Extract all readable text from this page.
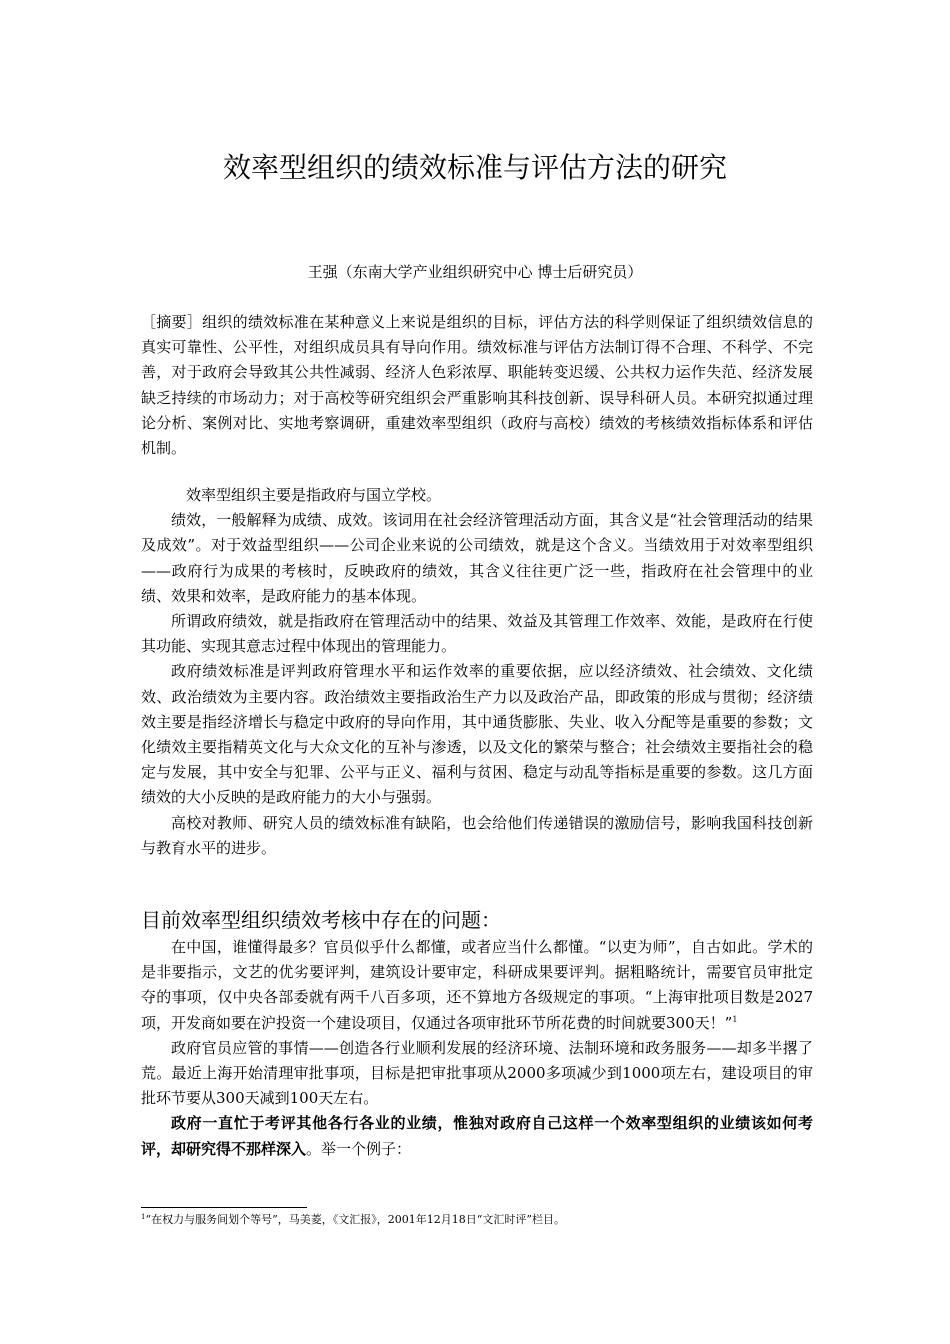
效率型组织的绩效标准与评估方法的研究
王强（东南大学产业组织研究中心 博士后研究员）

［摘要］组织的绩效标准在某种意义上来说是组织的目标，评估方法的科学则保证了组织绩效信息的真实可靠性、公平性，对组织成员具有导向作用。绩效标准与评估方法制订得不合理、不科学、不完善，对于政府会导致其公共性减弱、经济人色彩浓厚、职能转变迟缓、公共权力运作失范、经济发展缺乏持续的市场动力；对于高校等研究组织会严重影响其科技创新、误导科研人员。本研究拟通过理论分析、案例对比、实地考察调研，重建效率型组织（政府与高校）绩效的考核绩效指标体系和评估机制。

效率型组织主要是指政府与国立学校。

绩效，一般解释为成绩、成效。该词用在社会经济管理活动方面，其含义是“社会管理活动的结果及成效”。对于效益型组织——公司企业来说的公司绩效，就是这个含义。当绩效用于对效率型组织——政府行为成果的考核时，反映政府的绩效，其含义往往更广泛一些，指政府在社会管理中的业绩、效果和效率，是政府能力的基本体现。

所谓政府绩效，就是指政府在管理活动中的结果、效益及其管理工作效率、效能，是政府在行使其功能、实现其意志过程中体现出的管理能力。

政府绩效标准是评判政府管理水平和运作效率的重要依据，应以经济绩效、社会绩效、文化绩效、政治绩效为主要内容。政治绩效主要指政治生产力以及政治产品，即政策的形成与贯彻；经济绩效主要是指经济增长与稳定中政府的导向作用，其中通货膨胀、失业、收入分配等是重要的参数；文化绩效主要指精英文化与大众文化的互补与渗透，以及文化的繁荣与整合；社会绩效主要指社会的稳定与发展，其中安全与犯罪、公平与正义、福利与贫困、稳定与动乱等指标是重要的参数。这几方面绩效的大小反映的是政府能力的大小与强弱。

高校对教师、研究人员的绩效标准有缺陷，也会给他们传递错误的激励信号，影响我国科技创新与教育水平的进步。

目前效率型组织绩效考核中存在的问题：

在中国，谁懂得最多？官员似乎什么都懂，或者应当什么都懂。“以吏为师”，自古如此。学术的是非要指示，文艺的优劣要评判，建筑设计要审定，科研成果要评判。据粗略统计，需要官员审批定夺的事项，仅中央各部委就有两千八百多项，还不算地方各级规定的事项。“上海审批项目数是2027项，开发商如要在沪投资一个建设项目，仅通过各项审批环节所花费的时间就要300天！”$^1$

政府官员应管的事情——创造各行业顺利发展的经济环境、法制环境和政务服务——却多半撂了荒。最近上海开始清理审批事项，目标是把审批事项从2000多项减少到1000项左右，建设项目的审批环节要从300天减到100天左右。

政府一直忙于考评其他各行各业的业绩，惟独对政府自己这样一个效率型组织的业绩该如何考评，却研究得不那样深入。举一个例子：

$^1$“在权力与服务间划个等号”，马美菱，《文汇报》，2001年12月18日“文汇时评”栏目。
